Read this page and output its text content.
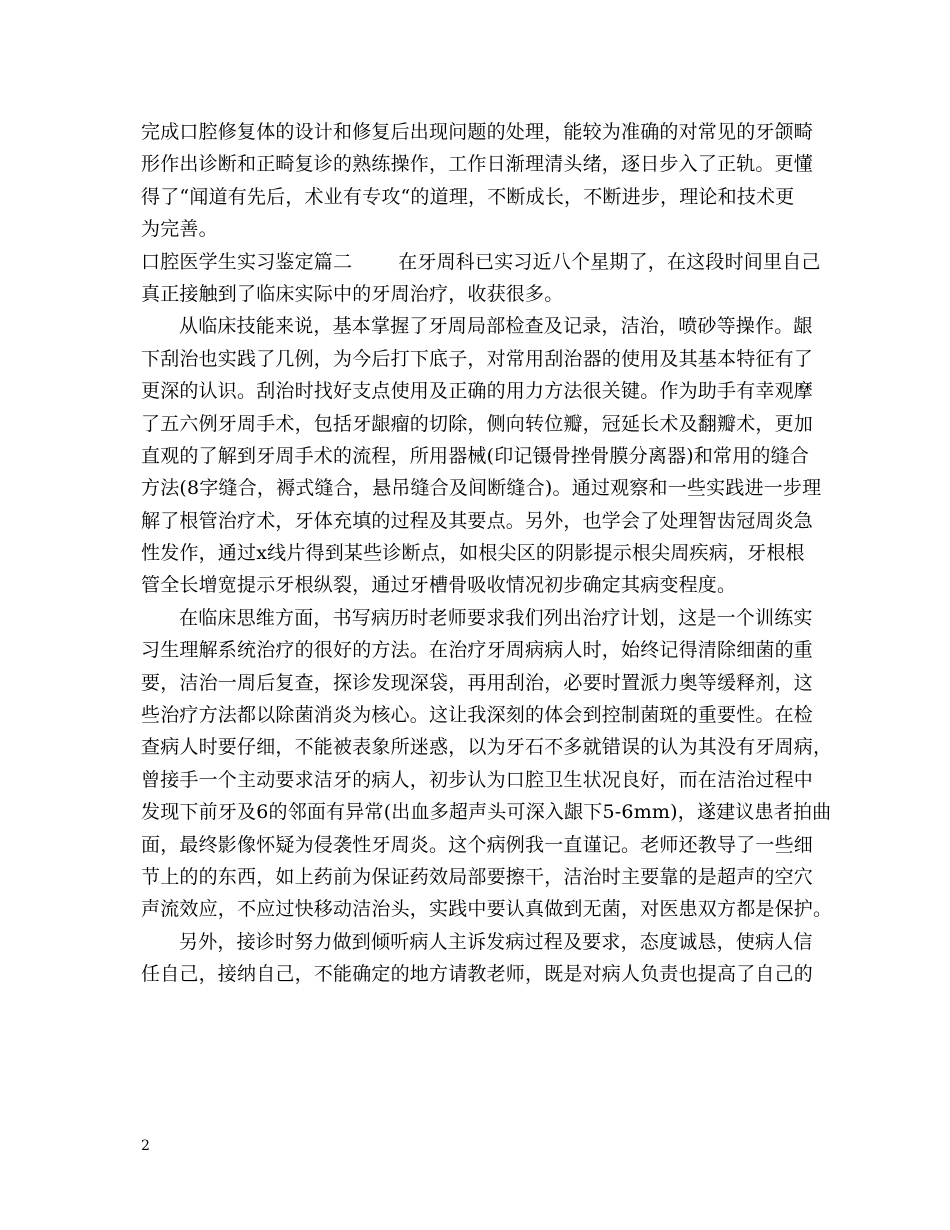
完成口腔修复体的设计和修复后出现问题的处理，能较为准确的对常见的牙颌畸
形作出诊断和正畸复诊的熟练操作，工作日渐理清头绪，逐日步入了正轨。更懂
得了“闻道有先后，术业有专攻“的道理，不断成长，不断进步，理论和技术更
为完善。
口腔医学生实习鉴定篇二 在牙周科已实习近八个星期了，在这段时间里自己
真正接触到了临床实际中的牙周治疗，收获很多。
从临床技能来说，基本掌握了牙周局部检查及记录，洁治，喷砂等操作。龈
下刮治也实践了几例，为今后打下底子，对常用刮治器的使用及其基本特征有了
更深的认识。刮治时找好支点使用及正确的用力方法很关键。作为助手有幸观摩
了五六例牙周手术，包括牙龈瘤的切除，侧向转位瓣，冠延长术及翻瓣术，更加
直观的了解到牙周手术的流程，所用器械(印记镊骨挫骨膜分离器)和常用的缝合
方法(8字缝合，褥式缝合，悬吊缝合及间断缝合)。通过观察和一些实践进一步理
解了根管治疗术，牙体充填的过程及其要点。另外，也学会了处理智齿冠周炎急
性发作，通过x线片得到某些诊断点，如根尖区的阴影提示根尖周疾病，牙根根
管全长增宽提示牙根纵裂，通过牙槽骨吸收情况初步确定其病变程度。
在临床思维方面，书写病历时老师要求我们列出治疗计划，这是一个训练实
习生理解系统治疗的很好的方法。在治疗牙周病病人时，始终记得清除细菌的重
要，洁治一周后复查，探诊发现深袋，再用刮治，必要时置派力奥等缓释剂，这
些治疗方法都以除菌消炎为核心。这让我深刻的体会到控制菌斑的重要性。在检
查病人时要仔细，不能被表象所迷惑，以为牙石不多就错误的认为其没有牙周病，
曾接手一个主动要求洁牙的病人，初步认为口腔卫生状况良好，而在洁治过程中
发现下前牙及6的邻面有异常(出血多超声头可深入龈下5-6mm)，遂建议患者拍曲
面，最终影像怀疑为侵袭性牙周炎。这个病例我一直谨记。老师还教导了一些细
节上的的东西，如上药前为保证药效局部要擦干，洁治时主要靠的是超声的空穴
声流效应，不应过快移动洁治头，实践中要认真做到无菌，对医患双方都是保护。
另外，接诊时努力做到倾听病人主诉发病过程及要求，态度诚恳，使病人信
任自己，接纳自己，不能确定的地方请教老师，既是对病人负责也提高了自己的
2
